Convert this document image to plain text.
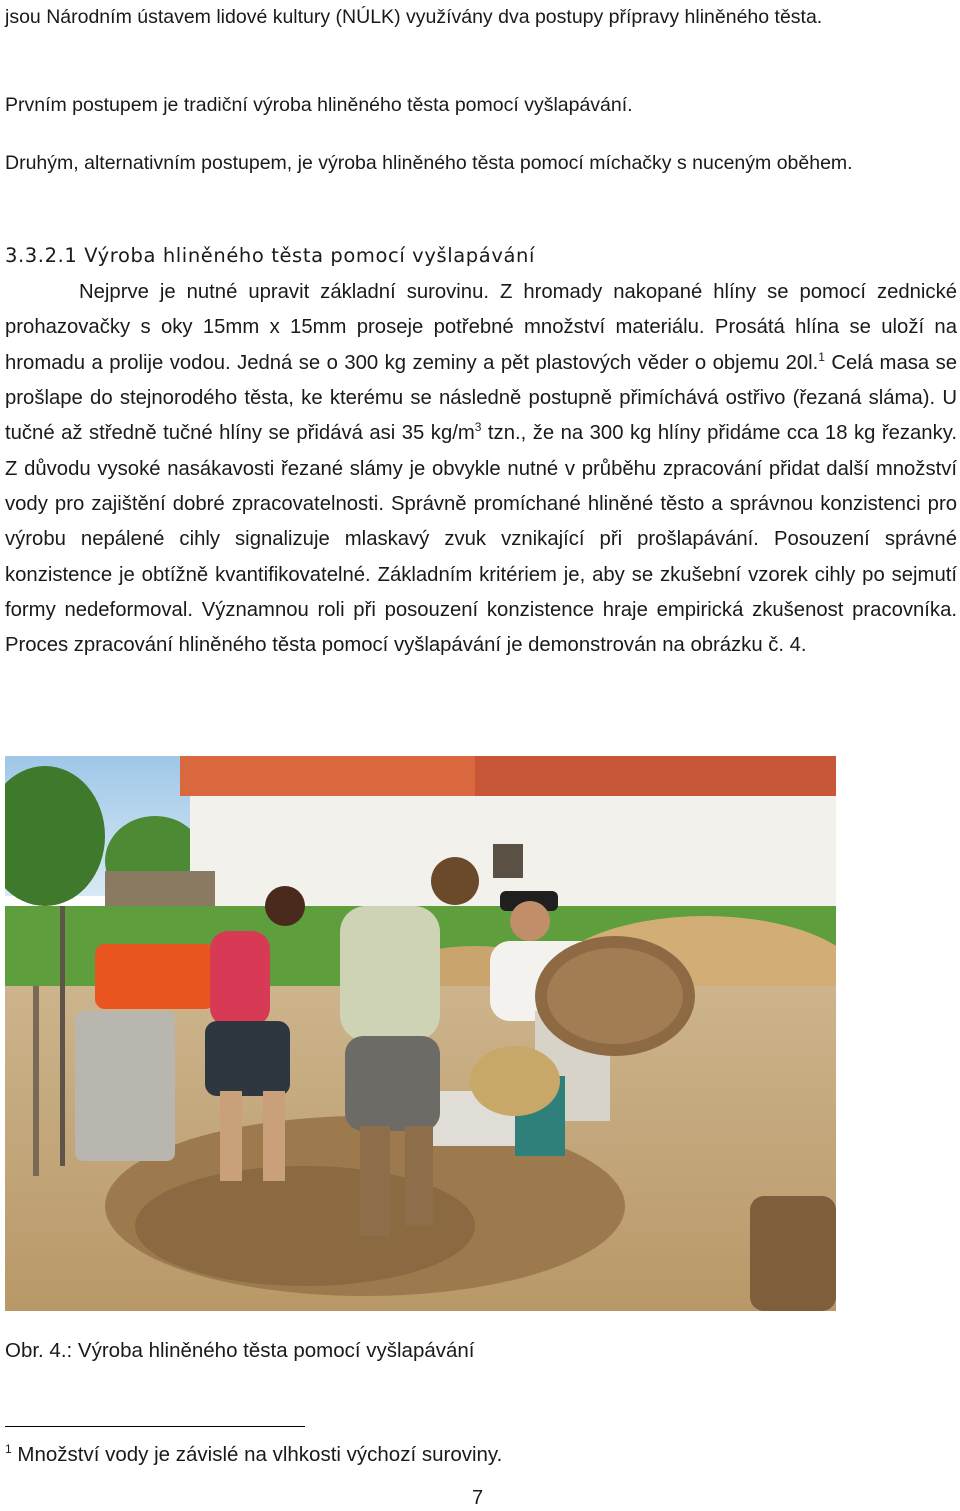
jsou Národním ústavem lidové kultury (NÚLK) využívány dva postupy přípravy hliněného těsta.

Prvním postupem je tradiční výroba hliněného těsta pomocí vyšlapávání.

Druhým, alternativním postupem, je výroba hliněného těsta pomocí míchačky s nuceným oběhem.

3.3.2.1 Výroba hliněného těsta pomocí vyšlapávání

Nejprve je nutné upravit základní surovinu. Z hromady nakopané hlíny se pomocí zednické prohazovačky s oky 15mm x 15mm proseje potřebné množství materiálu. Prosátá hlína se uloží na hromadu a prolije vodou. Jedná se o 300 kg zeminy a pět plastových věder o objemu 20l.$^1$ Celá masa se prošlape do stejnorodého těsta, ke kterému se následně postupně přimíchává ostřivo (řezaná sláma). U tučné až středně tučné hlíny se přidává asi 35 $kg/m^3$ tzn., že na 300 kg hlíny přidáme cca 18 kg řezanky. Z důvodu vysoké nasákavosti řezané slámy je obvykle nutné v průběhu zpracování přidat další množství vody pro zajištění dobré zpracovatelnosti. Správně promíchané hliněné těsto a správnou konzistenci pro výrobu nepálené cihly signalizuje mlaskavý zvuk vznikající při prošlapávání. Posouzení správné konzistence je obtížně kvantifikovatelné. Základním kritériem je, aby se zkušební vzorek cihly po sejmutí formy nedeformoval. Významnou roli při posouzení konzistence hraje empirická zkušenost pracovníka. Proces zpracování hliněného těsta pomocí vyšlapávání je demonstrován na obrázku č. 4.

Obr. 4.: Výroba hliněného těsta pomocí vyšlapávání

$^1$ Množství vody je závislé na vlhkosti výchozí suroviny.

7
